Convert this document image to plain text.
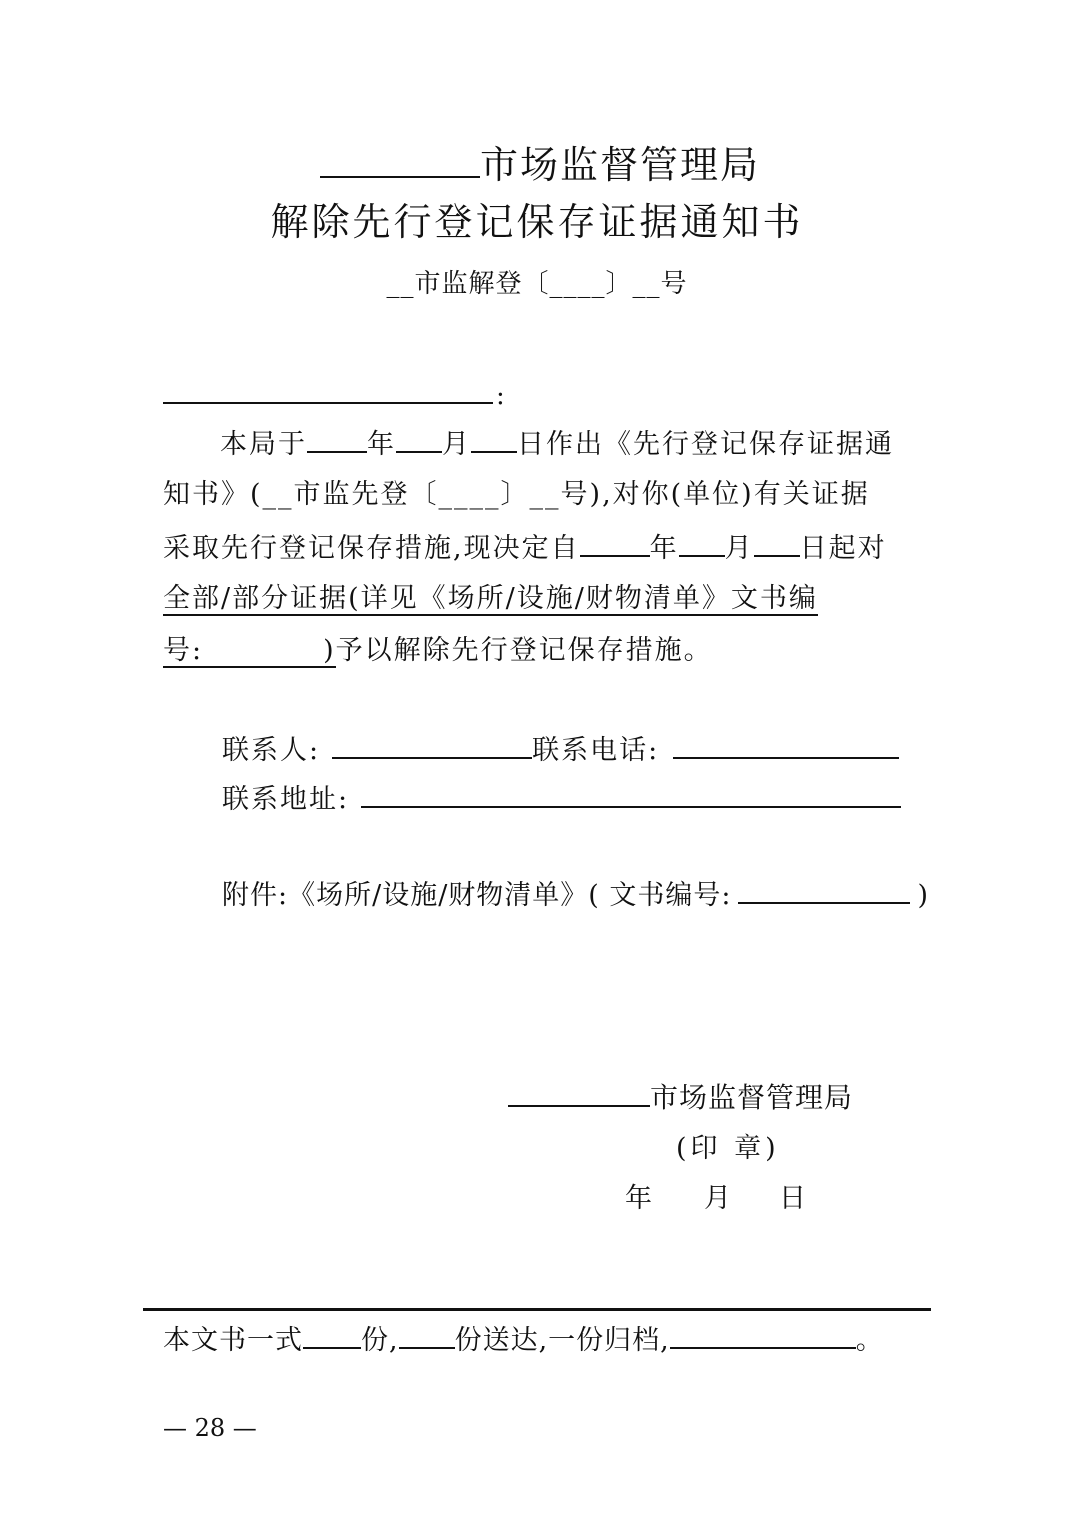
市场监督管理局
解除先行登记保存证据通知书
__市监解登〔____〕__号
:
本局于 年 月 日作出《先行登记保存证据通
知书》(__市监先登〔____〕__号),对你(单位)有关证据
采取先行登记保存措施,现决定自	年 月 日起对
全部/部分证据(详见《场所/设施/财物清单》文书编
号:	)予以解除先行登记保存措施。
联系人:	联系电话:
联系地址:
附件:《场所/设施/财物清单》( 文书编号:	)
市场监督管理局
(印 章)
年 月 日
本文书一式 份, 份送达,一份归档,	。
— 28 —
